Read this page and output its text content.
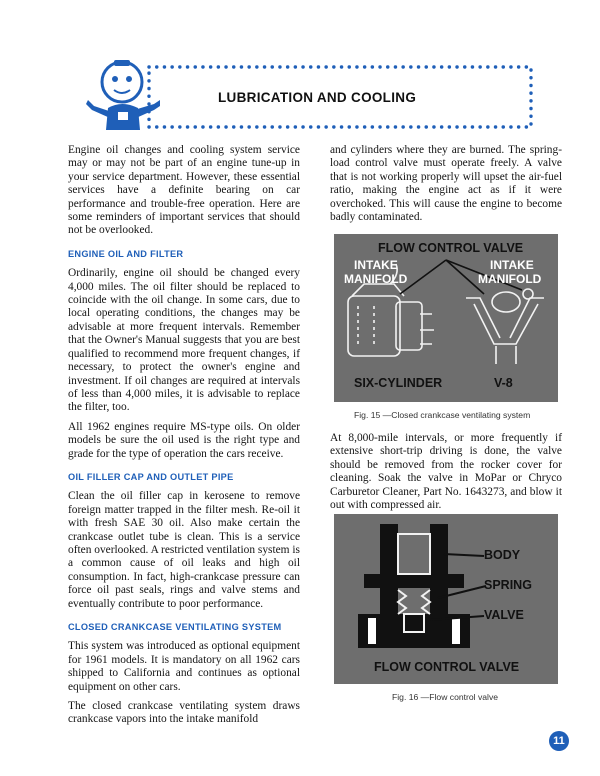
LUBRICATION AND COOLING

Engine oil changes and cooling system service may or may not be part of an engine tune-up in your service department. However, these essential services have a definite bearing on car performance and trouble-free operation. Here are some reminders of important services that should not be overlooked.

ENGINE OIL AND FILTER

Ordinarily, engine oil should be changed every 4,000 miles. The oil filter should be replaced to coincide with the oil change. In some cars, due to local operating conditions, the changes may be advisable at more frequent intervals. Remember that the Owner's Manual suggests that you are best qualified to recommend more frequent changes, if necessary, to protect the owner's engine and investment. If oil changes are required at intervals of less than 4,000 miles, it is advisable to replace the filter, too.

All 1962 engines require MS-type oils. On older models be sure the oil used is the right type and grade for the type of operation the cars receive.

OIL FILLER CAP AND OUTLET PIPE

Clean the oil filler cap in kerosene to remove foreign matter trapped in the filter mesh. Re-oil it with fresh SAE 30 oil. Also make certain the crankcase outlet tube is clean. This is a service often overlooked. A restricted ventilation system is a common cause of oil leaks and high oil consumption. In fact, high-crankcase pressure can force oil past seals, rings and valve stems and eventually contribute to poor performance.

CLOSED CRANKCASE VENTILATING SYSTEM

This system was introduced as optional equipment for 1961 models. It is mandatory on all 1962 cars shipped to California and continues as optional equipment on other cars.

The closed crankcase ventilating system draws crankcase vapors into the intake manifold

and cylinders where they are burned. The spring-load control valve must operate freely. A valve that is not working properly will upset the air-fuel ratio, making the engine act as if it were overchoked. This will cause the engine to become badly contaminated.

FLOW CONTROL VALVE
INTAKE
MANIFOLD
INTAKE
MANIFOLD
SIX-CYLINDER	V-8
Fig. 15 —Closed crankcase ventilating system

At 8,000-mile intervals, or more frequently if extensive short-trip driving is done, the valve should be removed from the rocker cover for cleaning. Soak the valve in MoPar or Chryco Carburetor Cleaner, Part No. 1643273, and blow it out with compressed air.

BODY
SPRING
VALVE
FLOW CONTROL VALVE
Fig. 16 —Flow control valve
11
